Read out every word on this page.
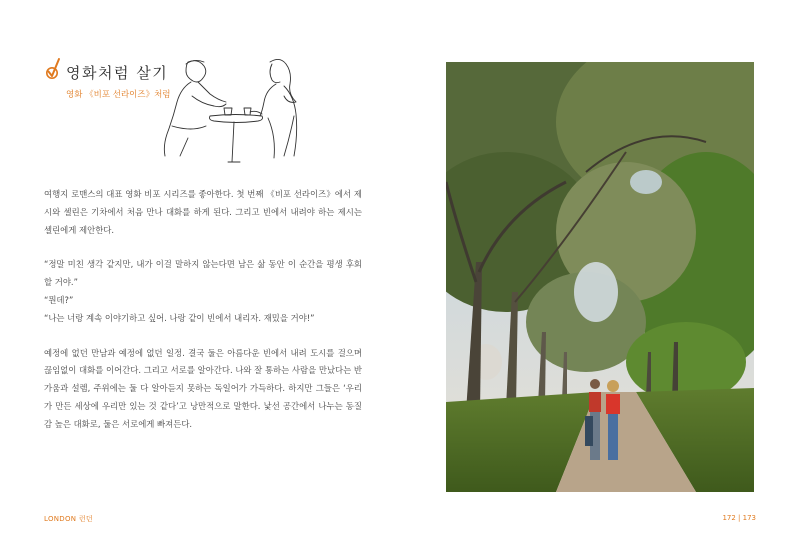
영화처럼 살기
영화 《비포 선라이즈》처럼

여행지 로맨스의 대표 영화 비포 시리즈를 좋아한다. 첫 번째 《비포 선라이즈》에서 제시와 셀린은 기차에서 처음 만나 대화를 하게 된다. 그리고 빈에서 내려야 하는 제시는 셀린에게 제안한다.

“정말 미친 생각 같지만, 내가 이걸 말하지 않는다면 남은 삶 동안 이 순간을 평생 후회할 거야.”

“뭔데?”

“나는 너랑 계속 이야기하고 싶어. 나랑 같이 빈에서 내리자. 재밌을 거야!”

예정에 없던 만남과 예정에 없던 일정. 결국 둘은 아름다운 빈에서 내려 도시를 걸으며 끊임없이 대화를 이어간다. 그리고 서로를 알아간다. 나와 잘 통하는 사람을 만났다는 반가움과 설렘, 주위에는 둘 다 알아듣지 못하는 독일어가 가득하다. 하지만 그들은 ‘우리가 만든 세상에 우리만 있는 것 같다’고 낭만적으로 말한다. 낯선 공간에서 나누는 동질감 높은 대화로, 둘은 서로에게 빠져든다.

LONDON 런던	172 | 173
